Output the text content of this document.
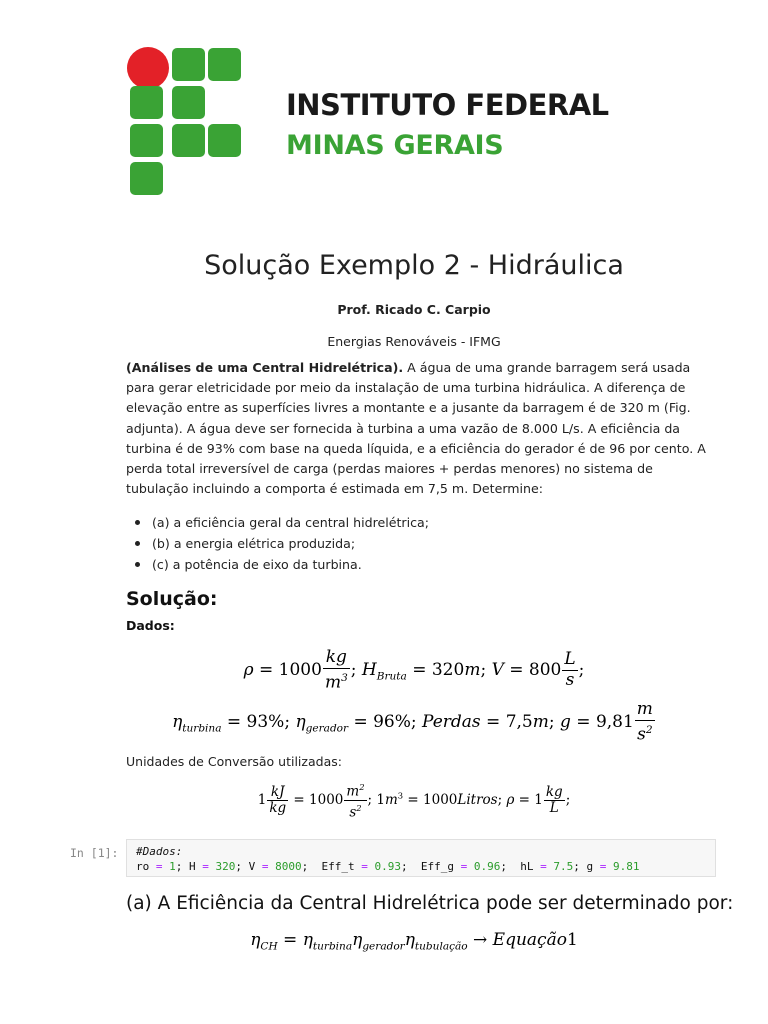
INSTITUTO FEDERAL
MINAS GERAIS
Solução Exemplo 2 - Hidráulica
Prof. Ricado C. Carpio
Energias Renováveis - IFMG
(Análises de uma Central Hidrelétrica). A água de uma grande barragem será usada para gerar eletricidade por meio da instalação de uma turbina hidráulica. A diferença de elevação entre as superfícies livres a montante e a jusante da barragem é de 320 m (Fig. adjunta). A água deve ser fornecida à turbina a uma vazão de 8.000 L/s. A eficiência da turbina é de 93% com base na queda líquida, e a eficiência do gerador é de 96 por cento. A perda total irreversível de carga (perdas maiores + perdas menores) no sistema de tubulação incluindo a comporta é estimada em 7,5 m. Determine:
(a) a eficiência geral da central hidrelétrica;
(b) a energia elétrica produzida;
(c) a potência de eixo da turbina.
Solução:
Dados:
$\rho = 1000 \frac{kg}{m^3}$ ; $H_{Bruta} = 320m$; $V = 800 \frac{L}{s}$ ;
$\eta_{turbina} = 93\%$; $\eta_{gerador} = 96\%$; Perdas = 7,5m; $g = 9,81 \frac{m}{s^2}$
Unidades de Conversão utilizadas:
$1 \frac{kJ}{kg} = 1000 \frac{m^2}{s^2}$ ; $1m^3$ = 1000Litros; $\rho = 1 \frac{kg}{L}$ ;
In [1]: #Dados:
ro = 1; H = 320; V = 8000;  Eff_t = 0.93;  Eff_g = 0.96;  hL = 7.5; g = 9.81
(a) A Eficiência da Central Hidrelétrica pode ser determinado por:
$\eta_{CH} = \eta_{turbina}\eta_{gerador}\eta_{tubulação}$ → Equação1
